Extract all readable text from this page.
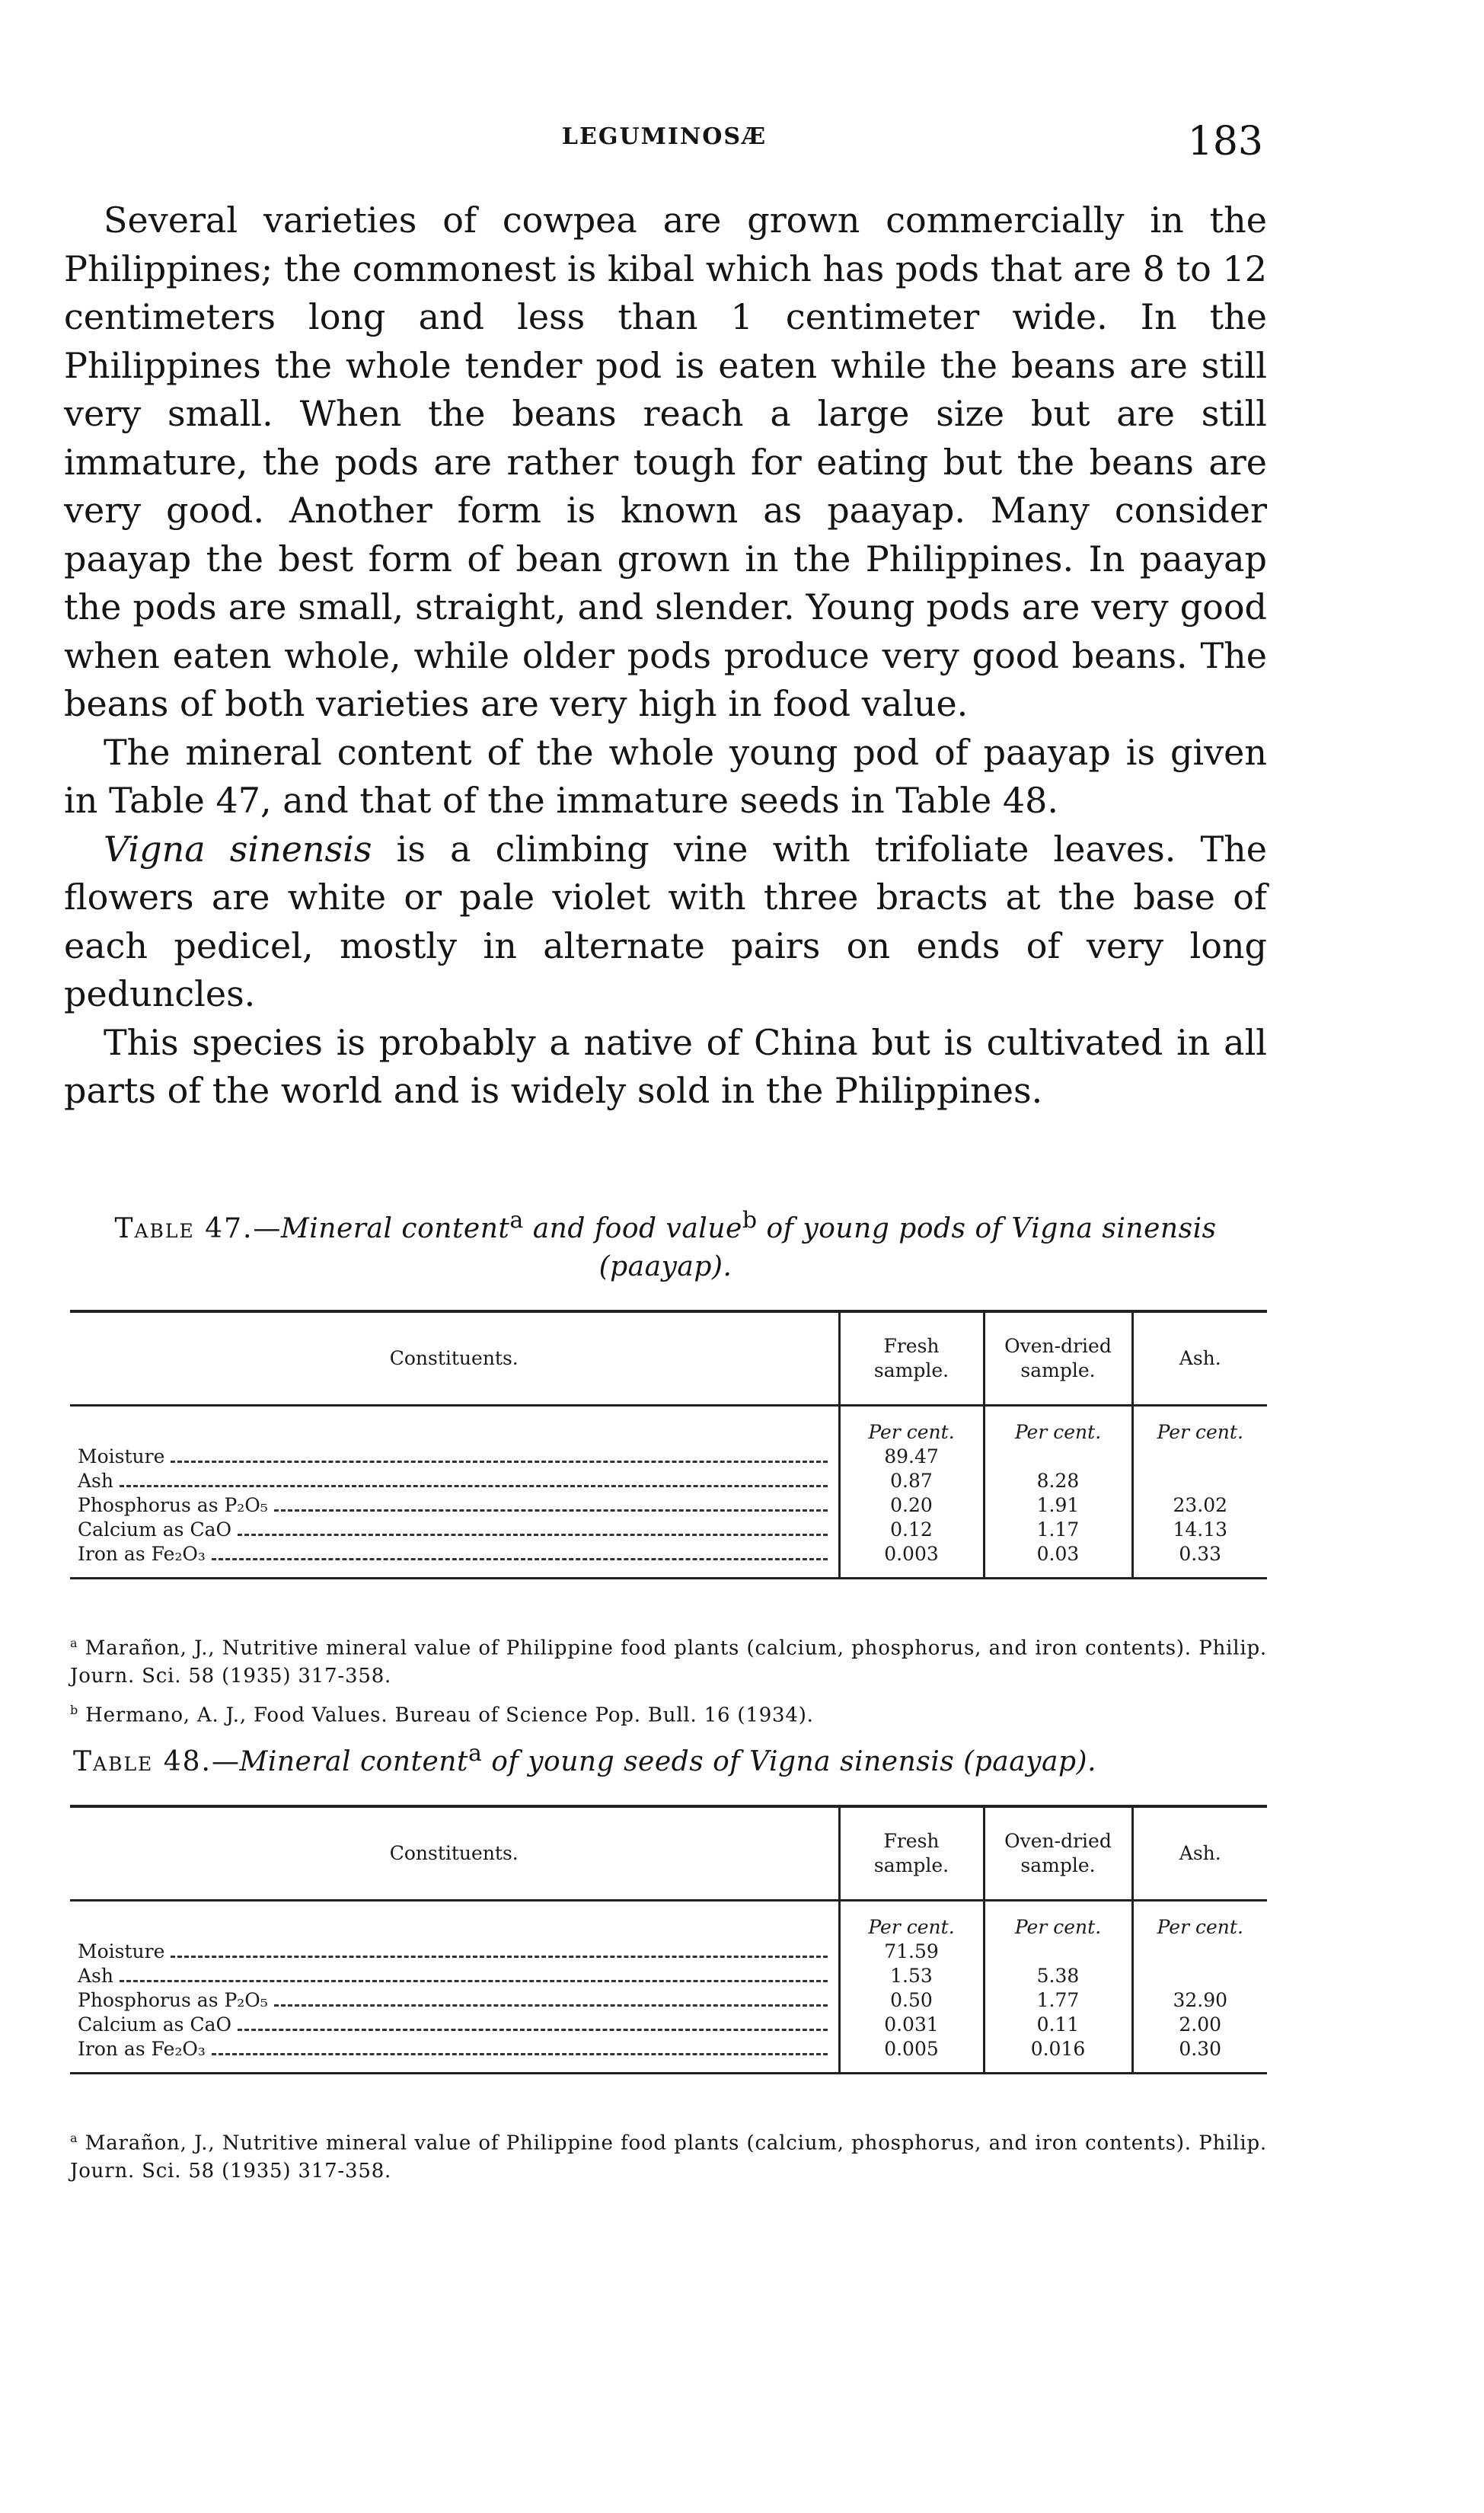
LEGUMINOSÆ	183

Several varieties of cowpea are grown commercially in the Philippines; the commonest is kibal which has pods that are 8 to 12 centimeters long and less than 1 centimeter wide. In the Philippines the whole tender pod is eaten while the beans are still very small. When the beans reach a large size but are still immature, the pods are rather tough for eating but the beans are very good. Another form is known as paayap. Many consider paayap the best form of bean grown in the Philippines. In paayap the pods are small, straight, and slender. Young pods are very good when eaten whole, while older pods produce very good beans. The beans of both varieties are very high in food value.

The mineral content of the whole young pod of paayap is given in Table 47, and that of the immature seeds in Table 48.

Vigna sinensis is a climbing vine with trifoliate leaves. The flowers are white or pale violet with three bracts at the base of each pedicel, mostly in alternate pairs on ends of very long peduncles.

This species is probably a native of China but is cultivated in all parts of the world and is widely sold in the Philippines.

Table 47.—Mineral content$^a$ and food value$^b$ of young pods of Vigna sinensis (paayap).
Constituents.	Fresh sample.	Oven-dried sample.	Ash.
	Per cent.	Per cent.	Per cent.

Moisture	89.47		

Ash	0.87	8.28	

Phosphorus as P₂O₅	0.20	1.91	23.02

Calcium as CaO	0.12	1.17	14.13

Iron as Fe₂O₃	0.003	0.03	0.33
$^a$ Marañon, J., Nutritive mineral value of Philippine food plants (calcium, phosphorus, and iron contents). Philip. Journ. Sci. 58 (1935) 317-358.
$^b$ Hermano, A. J., Food Values. Bureau of Science Pop. Bull. 16 (1934).
Table 48.—Mineral content$^a$ of young seeds of Vigna sinensis (paayap).
Constituents.	Fresh sample.	Oven-dried sample.	Ash.
	Per cent.	Per cent.	Per cent.

Moisture	71.59		

Ash	1.53	5.38	

Phosphorus as P₂O₅	0.50	1.77	32.90

Calcium as CaO	0.031	0.11	2.00

Iron as Fe₂O₃	0.005	0.016	0.30
$^a$ Marañon, J., Nutritive mineral value of Philippine food plants (calcium, phosphorus, and iron contents). Philip. Journ. Sci. 58 (1935) 317-358.
